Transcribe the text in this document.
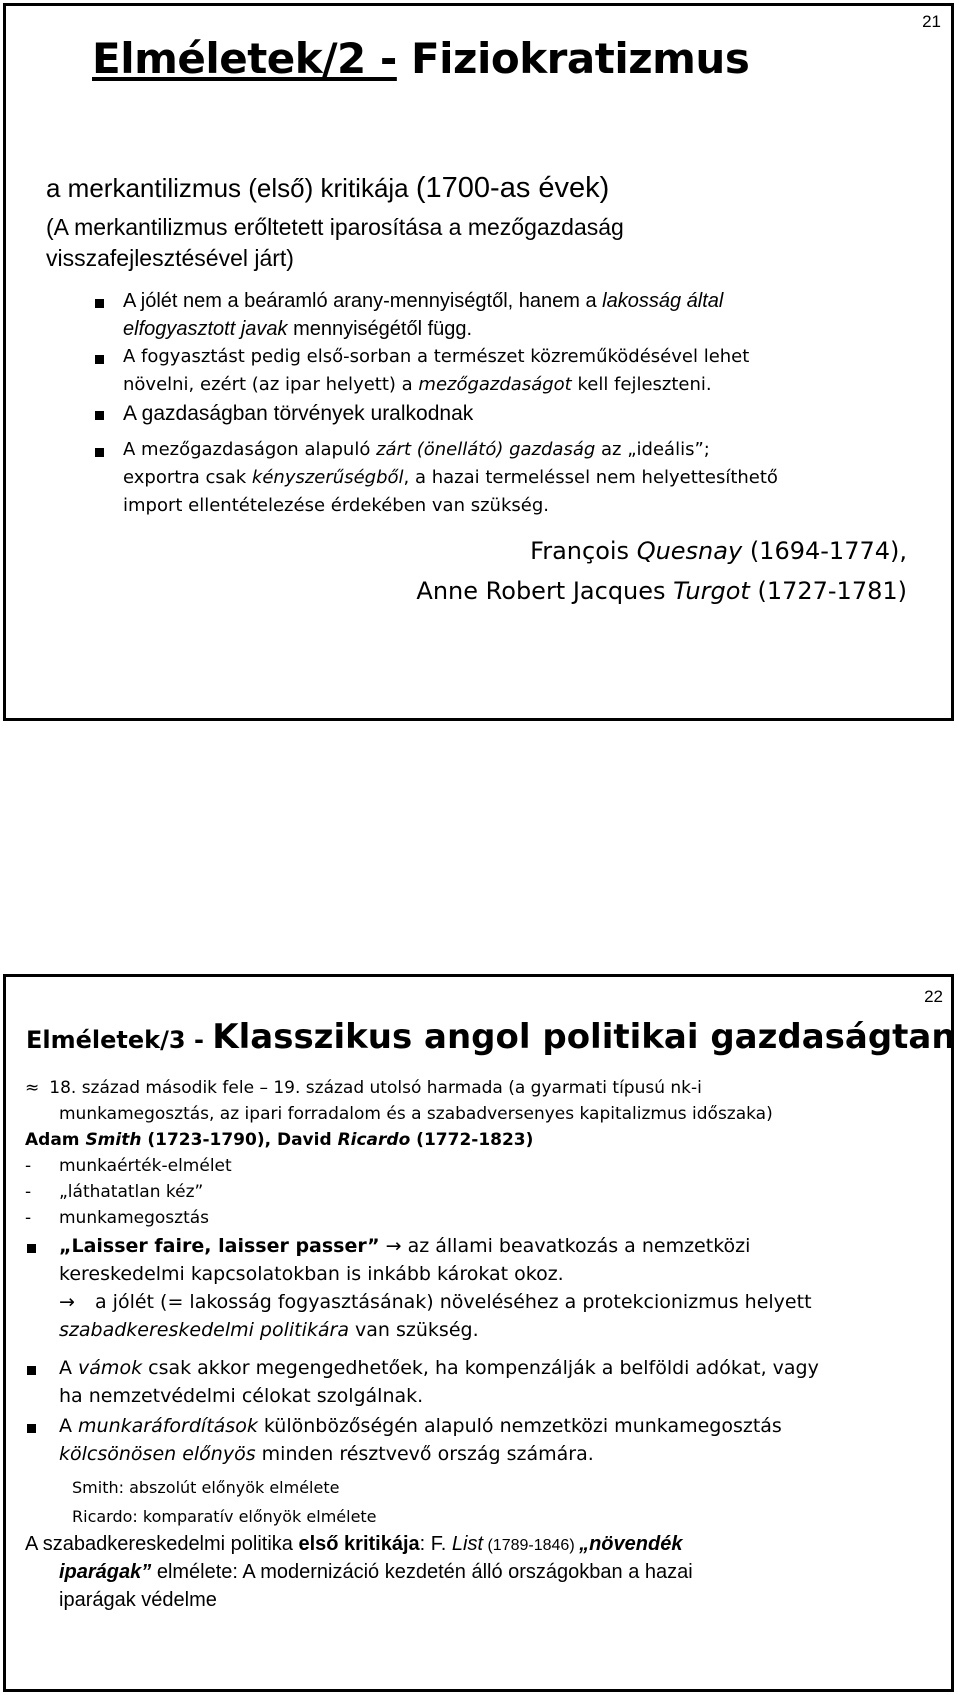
21
Elméletek/2 - Fiziokratizmus
a merkantilizmus (első) kritikája (1700-as évek)
(A merkantilizmus erőltetett iparosítása a mezőgazdaság
visszafejlesztésével járt)
A jólét nem a beáramló arany-mennyiségtől, hanem a lakosság által
elfogyasztott javak mennyiségétől függ.
A fogyasztást pedig első-sorban a természet közreműködésével lehet
növelni, ezért (az ipar helyett) a mezőgazdaságot kell fejleszteni.
A gazdaságban törvények uralkodnak
A mezőgazdaságon alapuló zárt (önellátó) gazdaság az „ideális”;
exportra csak kényszerűségből, a hazai termeléssel nem helyettesíthető
import ellentételezése érdekében van szükség.
François Quesnay (1694-1774),
Anne Robert Jacques Turgot (1727-1781)
22
Elméletek/3 - Klasszikus angol politikai gazdaságtan
≈ 18. század második fele – 19. század utolsó harmada (a gyarmati típusú nk-i
munkamegosztás, az ipari forradalom és a szabadversenyes kapitalizmus időszaka)
Adam Smith (1723-1790), David Ricardo (1772-1823)
- munkaérték-elmélet
- „láthatatlan kéz”
- munkamegosztás
„Laisser faire, laisser passer” → az állami beavatkozás a nemzetközi
kereskedelmi kapcsolatokban is inkább károkat okoz.
→ a jólét (= lakosság fogyasztásának) növeléséhez a protekcionizmus helyett
szabadkereskedelmi politikára van szükség.
A vámok csak akkor megengedhetőek, ha kompenzálják a belföldi adókat, vagy
ha nemzetvédelmi célokat szolgálnak.
A munkaráfordítások különbözőségén alapuló nemzetközi munkamegosztás
kölcsönösen előnyös minden résztvevő ország számára.
Smith: abszolút előnyök elmélete
Ricardo: komparatív előnyök elmélete
A szabadkereskedelmi politika első kritikája: F. List (1789-1846) „növendék
iparágak” elmélete: A modernizáció kezdetén álló országokban a hazai
iparágak védelme
